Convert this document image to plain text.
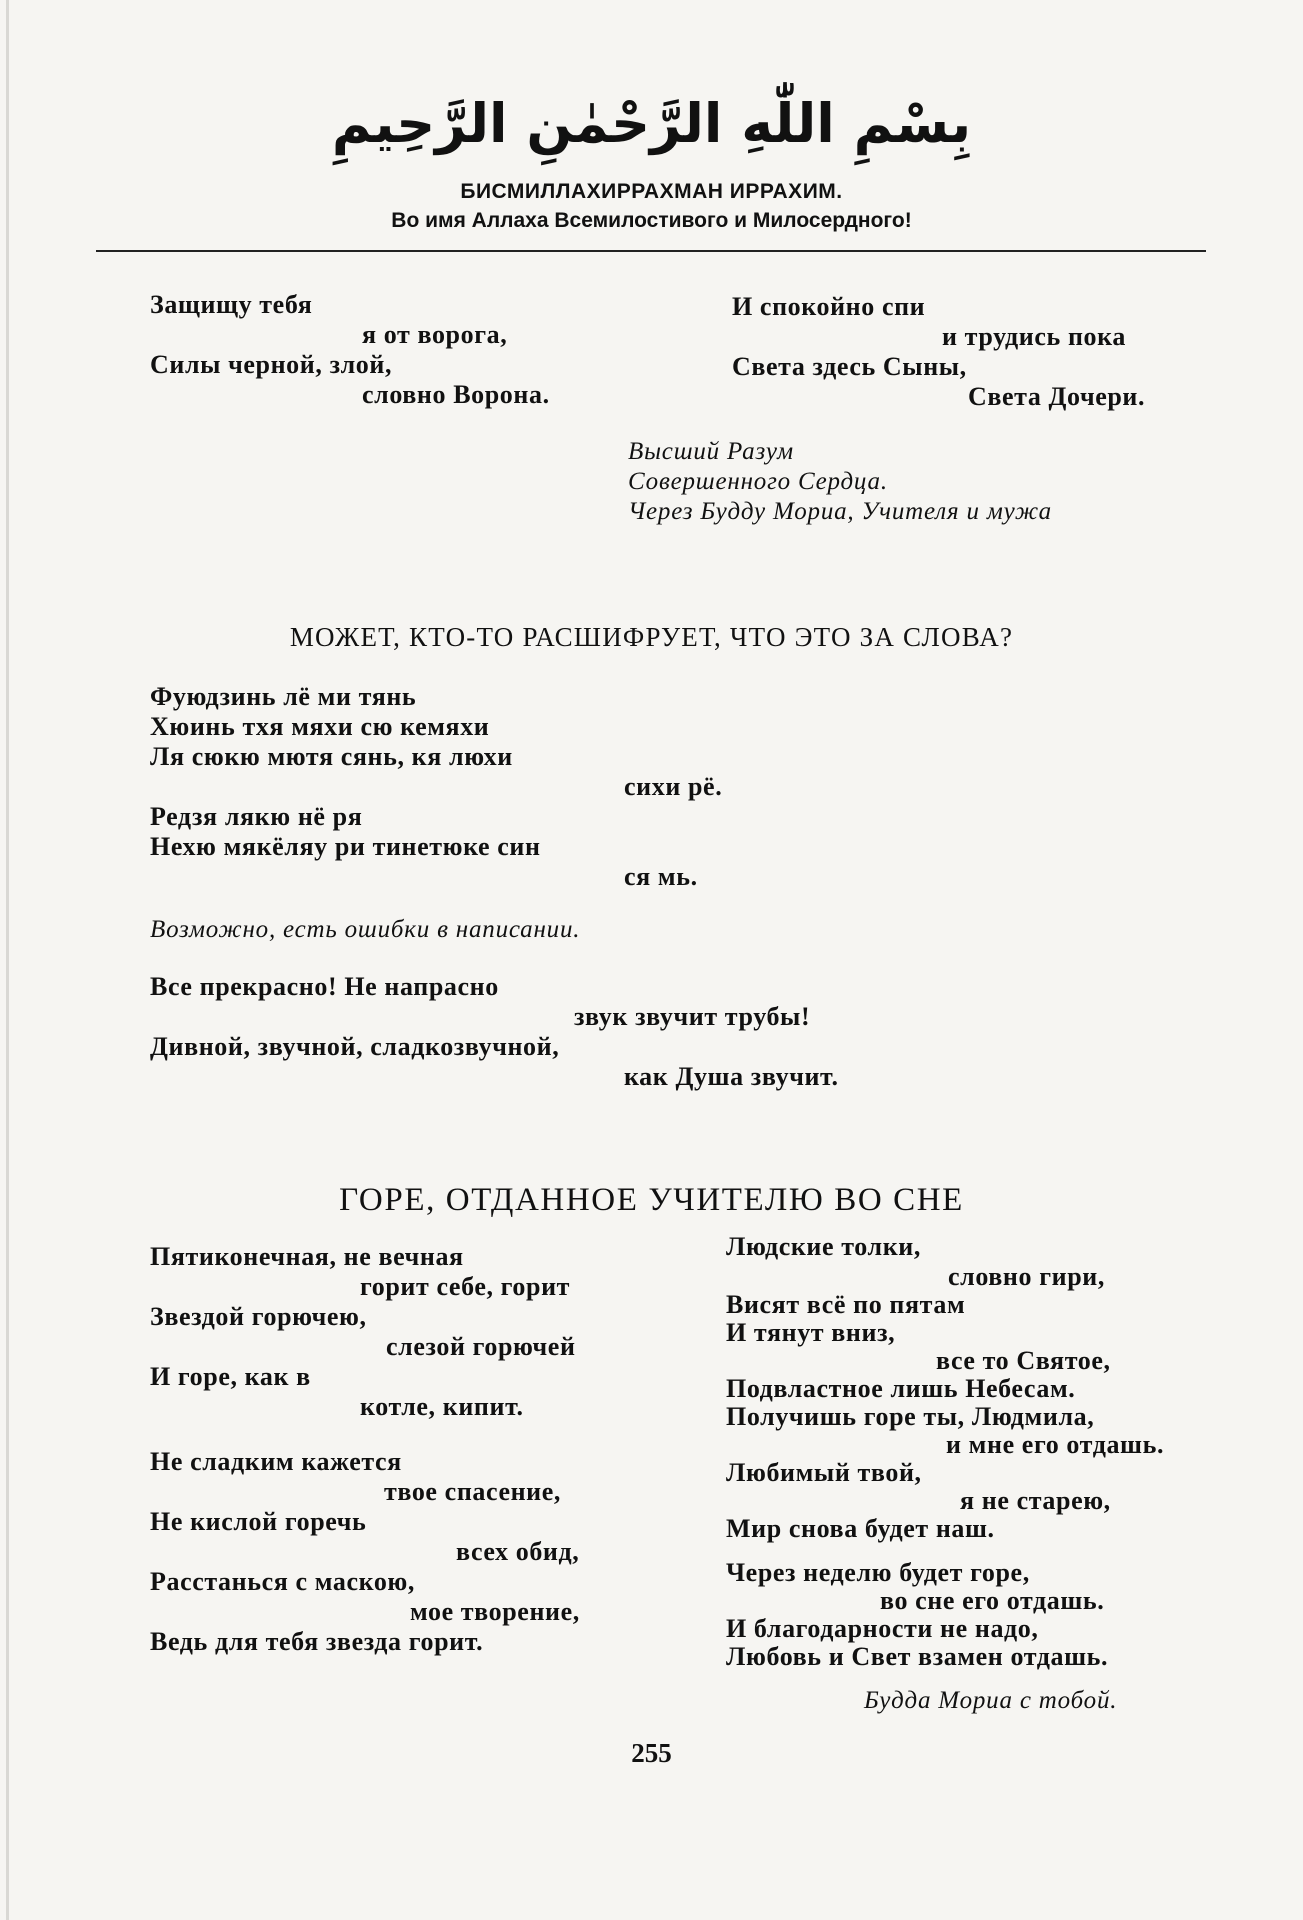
بِسْمِ اللّٰهِ الرَّحْمٰنِ الرَّحِيمِ
БИСМИЛЛАХИРРАХМАН ИРРАХИМ.
Во имя Аллаха Всемилостивого и Милосердного!
Защищу тебя
я от ворога,
Силы черной, злой,
словно Ворона.
И спокойно спи
и трудись пока
Света здесь Сыны,
Света Дочери.
Высший Разум
Совершенного Сердца.
Через Будду Мориа, Учителя и мужа
МОЖЕТ, КТО-ТО РАСШИФРУЕТ, ЧТО ЭТО ЗА СЛОВА?
Фуюдзинь лё ми тянь
Хюинь тхя мяхи сю кемяхи
Ля сюкю мютя сянь, кя люхи
сихи рё.
Редзя лякю нё ря
Нехю мякёляу ри тинетюке син
ся мь.
Возможно, есть ошибки в написании.
Все прекрасно! Не напрасно
звук звучит трубы!
Дивной, звучной, сладкозвучной,
как Душа звучит.
ГОРЕ, ОТДАННОЕ УЧИТЕЛЮ ВО СНЕ
Пятиконечная, не вечная
горит себе, горит
Звездой горючею,
слезой горючей
И горе, как в
котле, кипит.
Не сладким кажется
твое спасение,
Не кислой горечь
всех обид,
Расстанься с маскою,
мое творение,
Ведь для тебя звезда горит.
Людские толки,
словно гири,
Висят всё по пятам
И тянут вниз,
все то Святое,
Подвластное лишь Небесам.
Получишь горе ты, Людмила,
и мне его отдашь.
Любимый твой,
я не старею,
Мир снова будет наш.
Через неделю будет горе,
во сне его отдашь.
И благодарности не надо,
Любовь и Свет взамен отдашь.
Будда Мориа с тобой.
255
